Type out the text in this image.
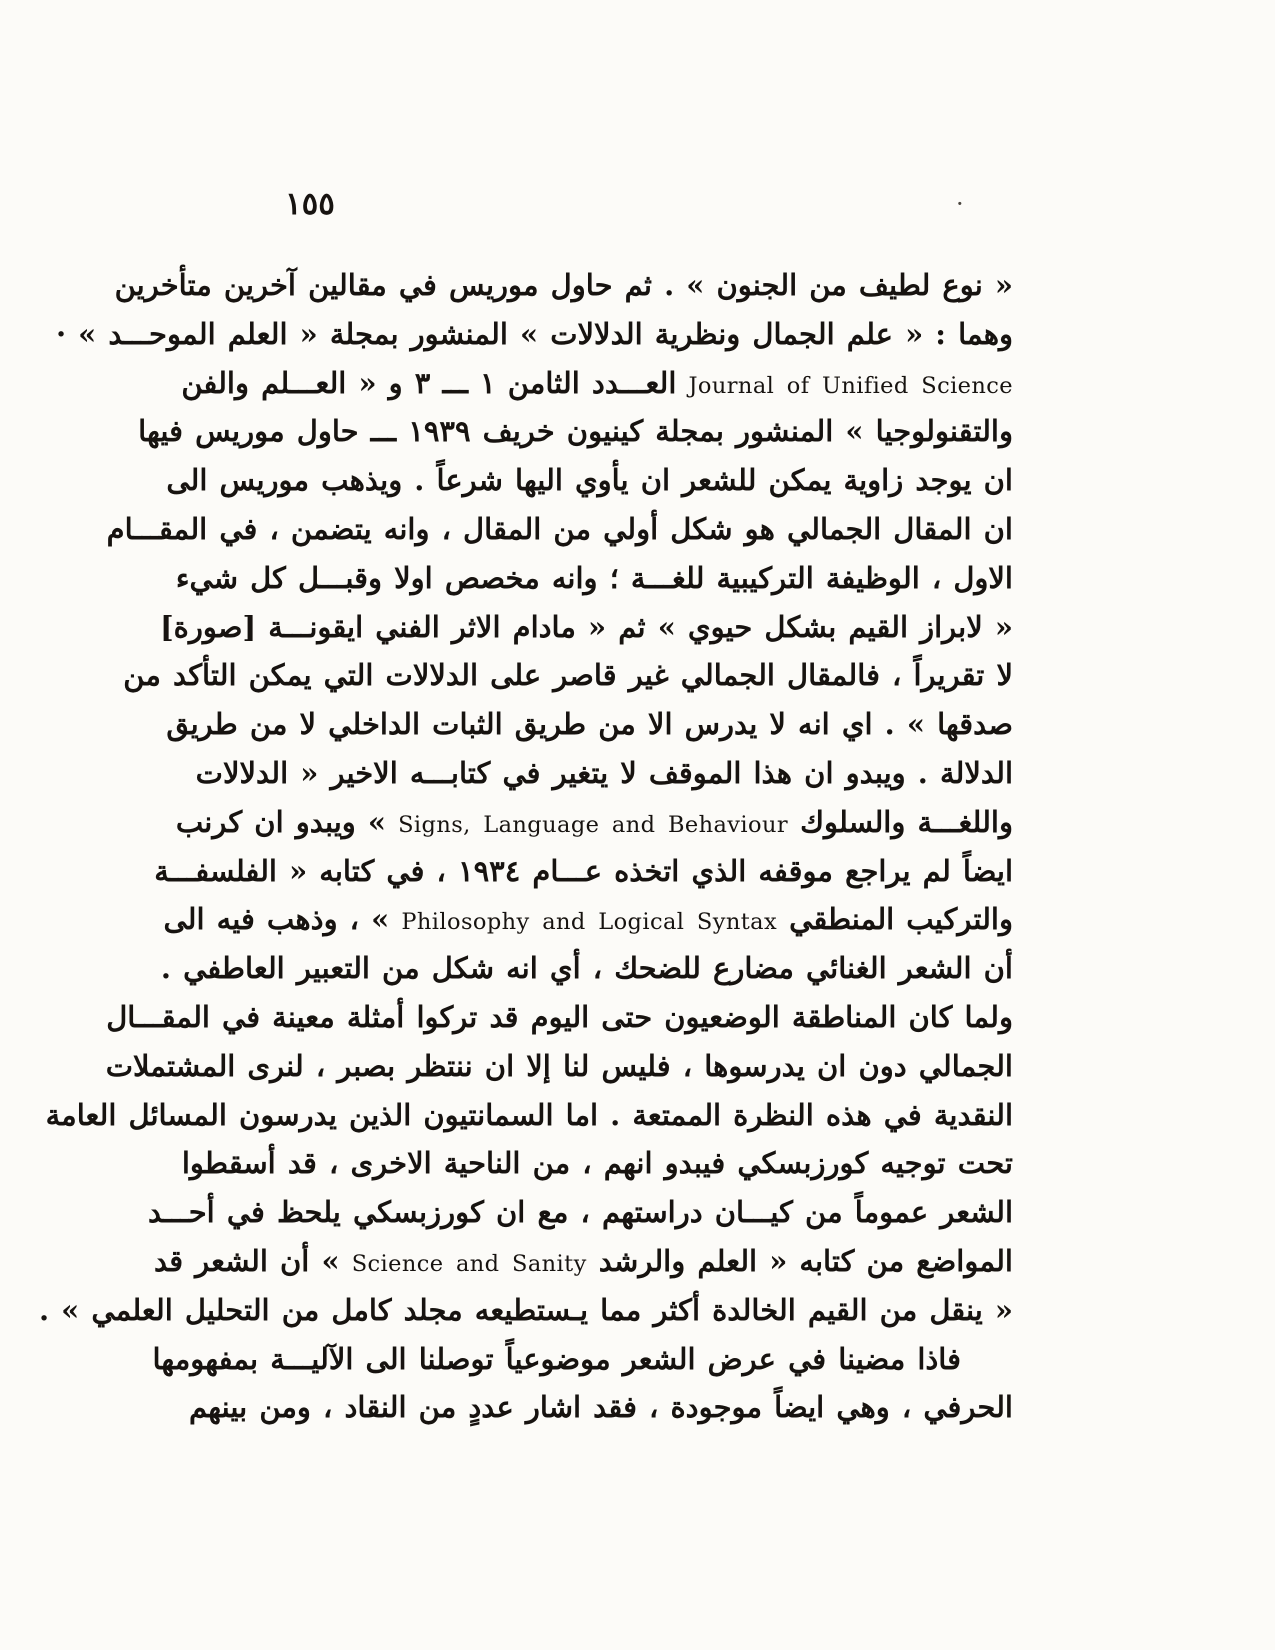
١٥٥	·
« نوع لطيف من الجنون » . ثم حاول موريس في مقالين آخرين متأخرين
وهما : « علم الجمال ونظرية الدلالات » المنشور بمجلة « العلم الموحـــد » ·
Journal of Unified Science العـــدد الثامن ١ ـــ ٣ و « العـــلم والفن
والتقنولوجيا » المنشور بمجلة كينيون خريف ١٩٣٩ ـــ حاول موريس فيها
ان يوجد زاوية يمكن للشعر ان يأوي اليها شرعاً . ويذهب موريس الى
ان المقال الجمالي هو شكل أولي من المقال ، وانه يتضمن ، في المقـــام
الاول ، الوظيفة التركيبية للغـــة ؛ وانه مخصص اولا وقبـــل كل شيء
« لابراز القيم بشكل حيوي » ثم « مادام الاثر الفني ايقونـــة [صورة]
لا تقريراً ، فالمقال الجمالي غير قاصر على الدلالات التي يمكن التأكد من
صدقها » . اي انه لا يدرس الا من طريق الثبات الداخلي لا من طريق
الدلالة . ويبدو ان هذا الموقف لا يتغير في كتابـــه الاخير « الدلالات
واللغـــة والسلوك Signs, Language and Behaviour » ويبدو ان كرنب
ايضاً لم يراجع موقفه الذي اتخذه عـــام ١٩٣٤ ، في كتابه « الفلسفـــة
والتركيب المنطقي Philosophy and Logical Syntax » ، وذهب فيه الى
أن الشعر الغنائي مضارع للضحك ، أي انه شكل من التعبير العاطفي .
ولما كان المناطقة الوضعيون حتى اليوم قد تركوا أمثلة معينة في المقـــال
الجمالي دون ان يدرسوها ، فليس لنا إلا ان ننتظر بصبر ، لنرى المشتملات
النقدية في هذه النظرة الممتعة . اما السمانتيون الذين يدرسون المسائل العامة
تحت توجيه كورزبسكي فيبدو انهم ، من الناحية الاخرى ، قد أسقطوا
الشعر عموماً من كيـــان دراستهم ، مع ان كورزبسكي يلحظ في أحـــد
المواضع من كتابه « العلم والرشد Science and Sanity » أن الشعر قد
« ينقل من القيم الخالدة أكثر مما يـستطيعه مجلد كامل من التحليل العلمي » .
فاذا مضينا في عرض الشعر موضوعياً توصلنا الى الآليـــة بمفهومها
الحرفي ، وهي ايضاً موجودة ، فقد اشار عددٍ من النقاد ، ومن بينهم
